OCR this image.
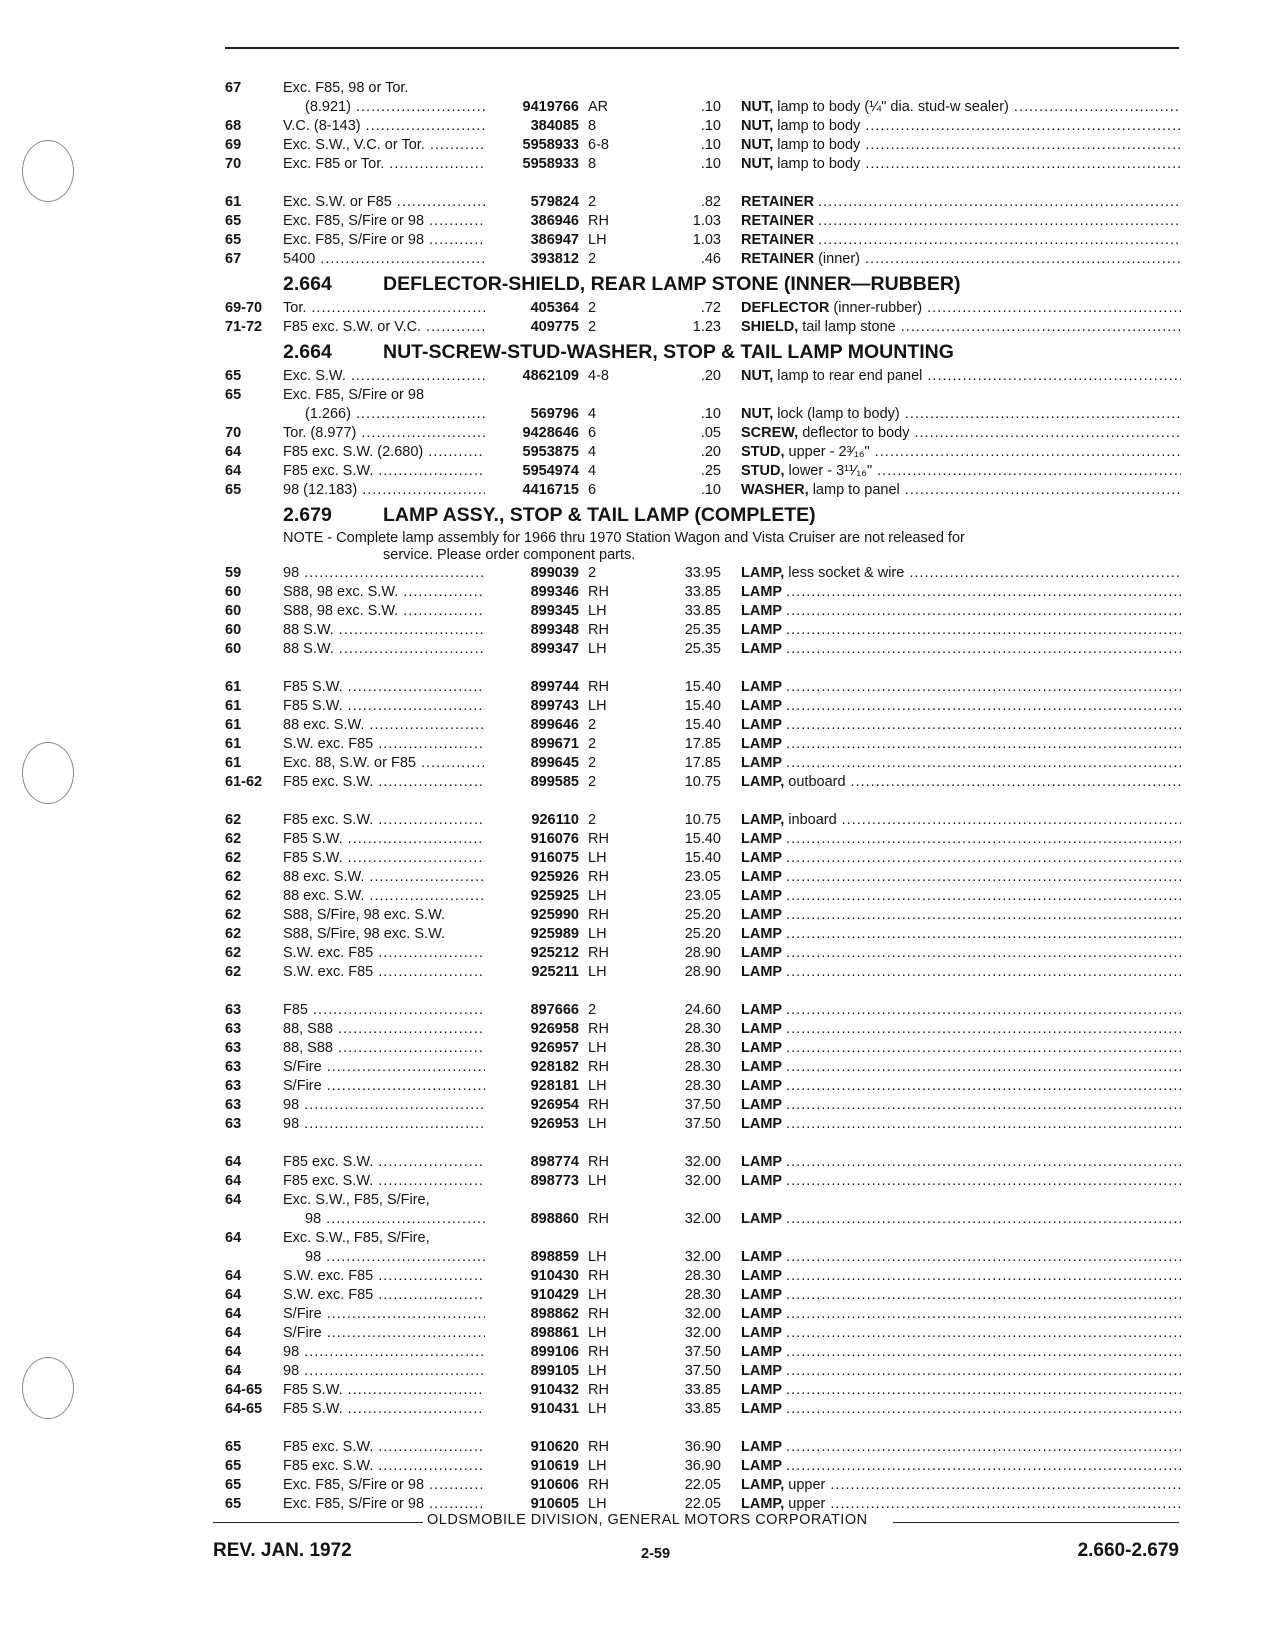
67	Exc. F85, 98 or Tor.
(8.921) .....	9419766 AR	.10 NUT, lamp to body (¼" dia. stud-w sealer) .....
68	V.C. (8-143) .....	384085 8	.10 NUT, lamp to body .....
69	Exc. S.W., V.C. or Tor. .....	5958933 6-8	.10 NUT, lamp to body .....
70	Exc. F85 or Tor. .....	5958933 8	.10 NUT, lamp to body .....
61	Exc. S.W. or F85 .....	579824 2	.82 RETAINER .....
65	Exc. F85, S/Fire or 98 .....	386946 RH	1.03 RETAINER .....
65	Exc. F85, S/Fire or 98 .....	386947 LH	1.03 RETAINER .....
67	5400 .....	393812 2	.46 RETAINER (inner) .....
2.664	DEFLECTOR-SHIELD, REAR LAMP STONE (INNER—RUBBER)
69-70	Tor. .....	405364 2	.72 DEFLECTOR (inner-rubber) .....
71-72	F85 exc. S.W. or V.C. .....	409775 2	1.23 SHIELD, tail lamp stone .....
2.664	NUT-SCREW-STUD-WASHER, STOP & TAIL LAMP MOUNTING
65	Exc. S.W. .....	4862109 4-8	.20 NUT, lamp to rear end panel .....
65	Exc. F85, S/Fire or 98
(1.266) .....	569796 4	.10 NUT, lock (lamp to body) .....
70	Tor. (8.977) .....	9428646 6	.05 SCREW, deflector to body .....
64	F85 exc. S.W. (2.680) .....	5953875 4	.20 STUD, upper - 2³⁄₁₆" .....
64	F85 exc. S.W. .....	5954974 4	.25 STUD, lower - 3¹¹⁄₁₆" .....
65	98 (12.183) .....	4416715 6	.10 WASHER, lamp to panel .....
2.679	LAMP ASSY., STOP & TAIL LAMP (COMPLETE)
NOTE - Complete lamp assembly for 1966 thru 1970 Station Wagon and Vista Cruiser are not released for
service. Please order component parts.
59	98 .....	899039 2	33.95 LAMP, less socket & wire .....
60	S88, 98 exc. S.W. .....	899346 RH	33.85 LAMP .....
60	S88, 98 exc. S.W. .....	899345 LH	33.85 LAMP .....
60	88 S.W. .....	899348 RH	25.35 LAMP .....
60	88 S.W. .....	899347 LH	25.35 LAMP .....
61	F85 S.W. .....	899744 RH	15.40 LAMP .....
61	F85 S.W. .....	899743 LH	15.40 LAMP .....
61	88 exc. S.W. .....	899646 2	15.40 LAMP .....
61	S.W. exc. F85 .....	899671 2	17.85 LAMP .....
61	Exc. 88, S.W. or F85 .....	899645 2	17.85 LAMP .....
61-62	F85 exc. S.W. .....	899585 2	10.75 LAMP, outboard .....
62	F85 exc. S.W. .....	926110 2	10.75 LAMP, inboard .....
62	F85 S.W. .....	916076 RH	15.40 LAMP .....
62	F85 S.W. .....	916075 LH	15.40 LAMP .....
62	88 exc. S.W. .....	925926 RH	23.05 LAMP .....
62	88 exc. S.W. .....	925925 LH	23.05 LAMP .....
62	S88, S/Fire, 98 exc. S.W.	925990 RH	25.20 LAMP .....
62	S88, S/Fire, 98 exc. S.W.	925989 LH	25.20 LAMP .....
62	S.W. exc. F85 .....	925212 RH	28.90 LAMP .....
62	S.W. exc. F85 .....	925211 LH	28.90 LAMP .....
63	F85 .....	897666 2	24.60 LAMP .....
63	88, S88 .....	926958 RH	28.30 LAMP .....
63	88, S88 .....	926957 LH	28.30 LAMP .....
63	S/Fire .....	928182 RH	28.30 LAMP .....
63	S/Fire .....	928181 LH	28.30 LAMP .....
63	98 .....	926954 RH	37.50 LAMP .....
63	98 .....	926953 LH	37.50 LAMP .....
64	F85 exc. S.W. .....	898774 RH	32.00 LAMP .....
64	F85 exc. S.W. .....	898773 LH	32.00 LAMP .....
64	Exc. S.W., F85, S/Fire,
98 .....	898860 RH	32.00 LAMP .....
64	Exc. S.W., F85, S/Fire,
98 .....	898859 LH	32.00 LAMP .....
64	S.W. exc. F85 .....	910430 RH	28.30 LAMP .....
64	S.W. exc. F85 .....	910429 LH	28.30 LAMP .....
64	S/Fire .....	898862 RH	32.00 LAMP .....
64	S/Fire .....	898861 LH	32.00 LAMP .....
64	98 .....	899106 RH	37.50 LAMP .....
64	98 .....	899105 LH	37.50 LAMP .....
64-65	F85 S.W. .....	910432 RH	33.85 LAMP .....
64-65	F85 S.W. .....	910431 LH	33.85 LAMP .....
65	F85 exc. S.W. .....	910620 RH	36.90 LAMP .....
65	F85 exc. S.W. .....	910619 LH	36.90 LAMP .....
65	Exc. F85, S/Fire or 98 .....	910606 RH	22.05 LAMP, upper .....
65	Exc. F85, S/Fire or 98 .....	910605 LH	22.05 LAMP, upper .....
OLDSMOBILE DIVISION, GENERAL MOTORS CORPORATION
REV. JAN. 1972	2-59	2.660-2.679
